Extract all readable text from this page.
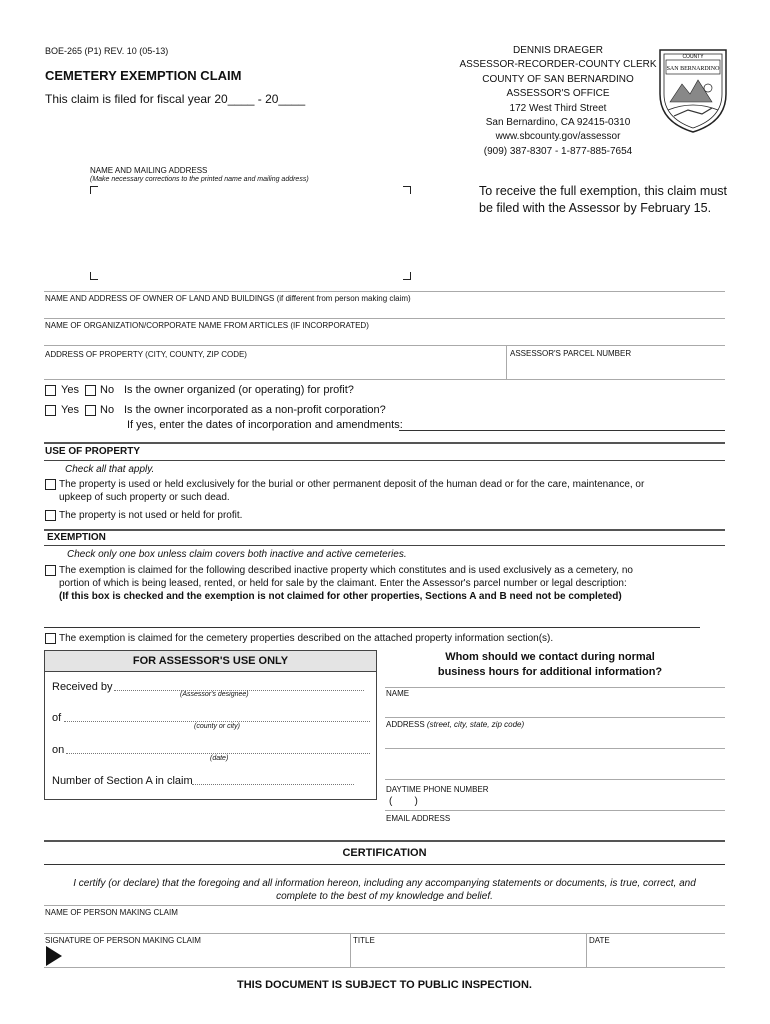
BOE-265 (P1) REV. 10 (05-13)
CEMETERY EXEMPTION CLAIM
This claim is filed for fiscal year 20____ - 20____
DENNIS DRAEGER
ASSESSOR-RECORDER-COUNTY CLERK
COUNTY OF SAN BERNARDINO
ASSESSOR'S OFFICE
172 West Third Street
San Bernardino, CA 92415-0310
www.sbcounty.gov/assessor
(909) 387-8307 - 1-877-885-7654
COUNTY
SAN BERNARDINO
NAME AND MAILING ADDRESS
(Make necessary corrections to the printed name and mailing address)
To receive the full exemption, this claim must be filed with the Assessor by February 15.
NAME AND ADDRESS OF OWNER OF LAND AND BUILDINGS (if different from person making claim)
NAME OF ORGANIZATION/CORPORATE NAME FROM ARTICLES (IF INCORPORATED)
ADDRESS OF PROPERTY (CITY, COUNTY, ZIP CODE)	ASSESSOR'S PARCEL NUMBER
Yes No Is the owner organized (or operating) for profit?
Yes No Is the owner incorporated as a non-profit corporation?
If yes, enter the dates of incorporation and amendments:
USE OF PROPERTY
Check all that apply.
The property is used or held exclusively for the burial or other permanent deposit of the human dead or for the care, maintenance, or
upkeep of such property or such dead.
The property is not used or held for profit.
EXEMPTION
Check only one box unless claim covers both inactive and active cemeteries.
The exemption is claimed for the following described inactive property which constitutes and is used exclusively as a cemetery, no
portion of which is being leased, rented, or held for sale by the claimant. Enter the Assessor's parcel number or legal description:
(If this box is checked and the exemption is not claimed for other properties, Sections A and B need not be completed)
The exemption is claimed for the cemetery properties described on the attached property information section(s).
FOR ASSESSOR'S USE ONLY
Received by
(Assessor's designee)
of
(county or city)
on
(date)
Number of Section A in claim
Whom should we contact during normal
business hours for additional information?
NAME
ADDRESS (street, city, state, zip code)
DAYTIME PHONE NUMBER
(        )
EMAIL ADDRESS
CERTIFICATION
I certify (or declare) that the foregoing and all information hereon, including any accompanying statements or documents, is true, correct, and
complete to the best of my knowledge and belief.
NAME OF PERSON MAKING CLAIM
SIGNATURE OF PERSON MAKING CLAIM	TITLE	DATE
THIS DOCUMENT IS SUBJECT TO PUBLIC INSPECTION.
